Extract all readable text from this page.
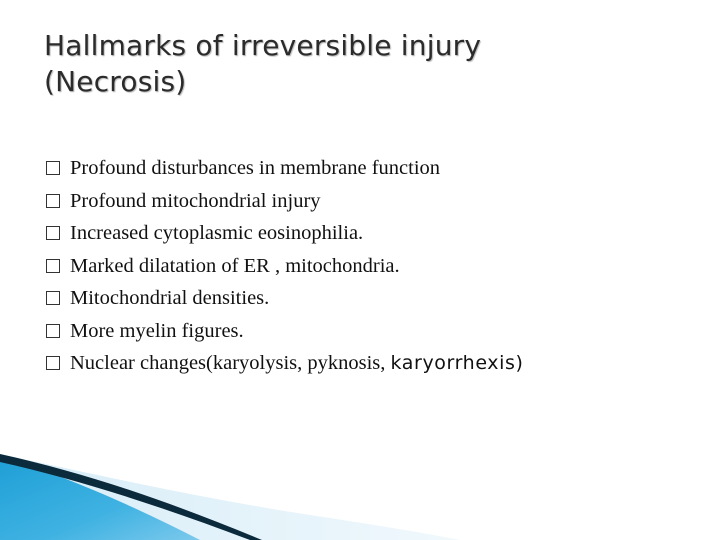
Hallmarks of irreversible injury
(Necrosis)
Profound disturbances in membrane function
Profound mitochondrial injury
Increased cytoplasmic eosinophilia.
Marked dilatation of ER , mitochondria.
Mitochondrial densities.
More myelin figures.
Nuclear changes(karyolysis, pyknosis, karyorrhexis)
